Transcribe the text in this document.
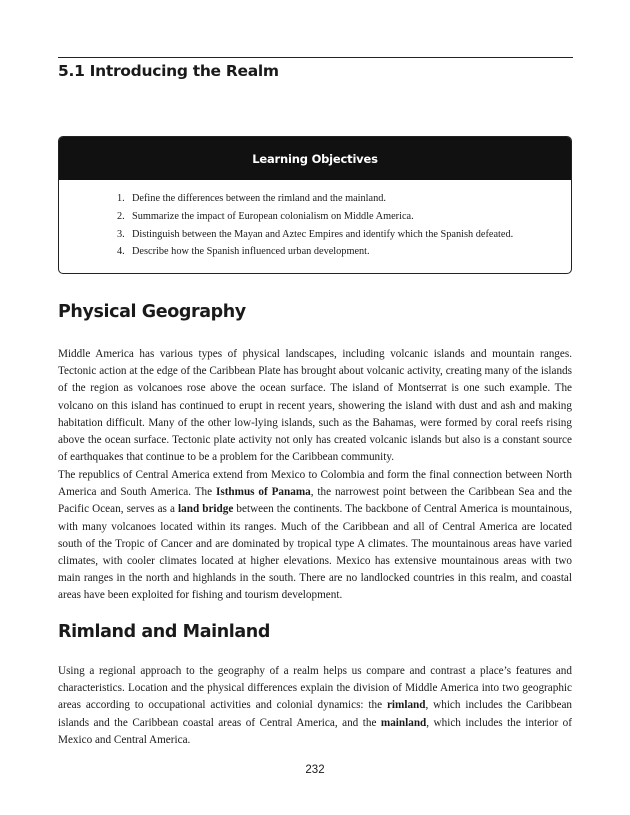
5.1 Introducing the Realm
Learning Objectives
1. Define the differences between the rimland and the mainland.
2. Summarize the impact of European colonialism on Middle America.
3. Distinguish between the Mayan and Aztec Empires and identify which the Spanish defeated.
4. Describe how the Spanish influenced urban development.
Physical Geography

Middle America has various types of physical landscapes, including volcanic islands and mountain ranges. Tectonic action at the edge of the Caribbean Plate has brought about volcanic activity, creating many of the islands of the region as volcanoes rose above the ocean surface. The island of Montserrat is one such example. The volcano on this island has continued to erupt in recent years, showering the island with dust and ash and making habitation difficult. Many of the other low-lying islands, such as the Bahamas, were formed by coral reefs rising above the ocean surface. Tectonic plate activity not only has created volcanic islands but also is a constant source of earthquakes that continue to be a problem for the Caribbean community.

The republics of Central America extend from Mexico to Colombia and form the final connection between North America and South America. The Isthmus of Panama, the narrowest point between the Caribbean Sea and the Pacific Ocean, serves as a land bridge between the continents. The backbone of Central America is mountainous, with many volcanoes located within its ranges. Much of the Caribbean and all of Central America are located south of the Tropic of Cancer and are dominated by tropical type A climates. The mountainous areas have varied climates, with cooler climates located at higher elevations. Mexico has extensive mountainous areas with two main ranges in the north and highlands in the south. There are no landlocked countries in this realm, and coastal areas have been exploited for fishing and tourism development.

Rimland and Mainland

Using a regional approach to the geography of a realm helps us compare and contrast a place’s features and characteristics. Location and the physical differences explain the division of Middle America into two geographic areas according to occupational activities and colonial dynamics: the rimland, which includes the Caribbean islands and the Caribbean coastal areas of Central America, and the mainland, which includes the interior of Mexico and Central America.

232
